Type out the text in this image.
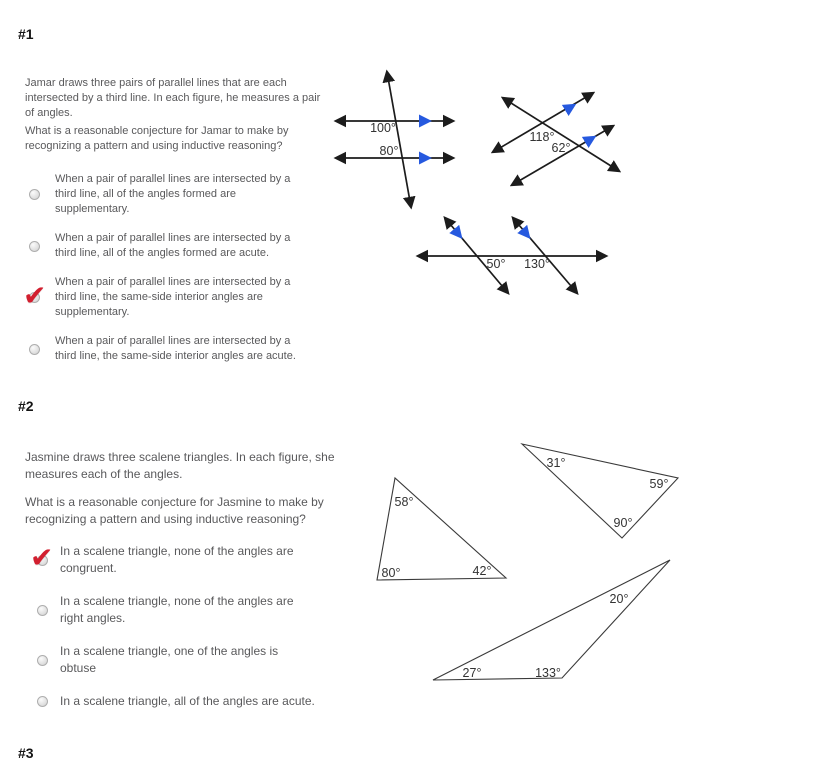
#1

Jamar draws three pairs of parallel lines that are each intersected by a third line. In each figure, he measures a pair of angles.

What is a reasonable conjecture for Jamar to make by recognizing a pattern and using inductive reasoning?

When a pair of parallel lines are intersected by a third line, all of the angles formed are supplementary.
When a pair of parallel lines are intersected by a third line, all of the angles formed are acute.
When a pair of parallel lines are intersected by a third line, the same-side interior angles are supplementary.
✔
When a pair of parallel lines are intersected by a third line, the same-side interior angles are acute.
100°
80°
118°
62°
50° 130°
#2

Jasmine draws three scalene triangles. In each figure, she measures each of the angles.

What is a reasonable conjecture for Jasmine to make by recognizing a pattern and using inductive reasoning?

In a scalene triangle, none of the angles are congruent.
✔
In a scalene triangle, none of the angles are right angles.
In a scalene triangle, one of the angles is obtuse
In a scalene triangle, all of the angles are acute.
58°
80°	42°
31°
59°
90°
20°
27°	133°
#3
